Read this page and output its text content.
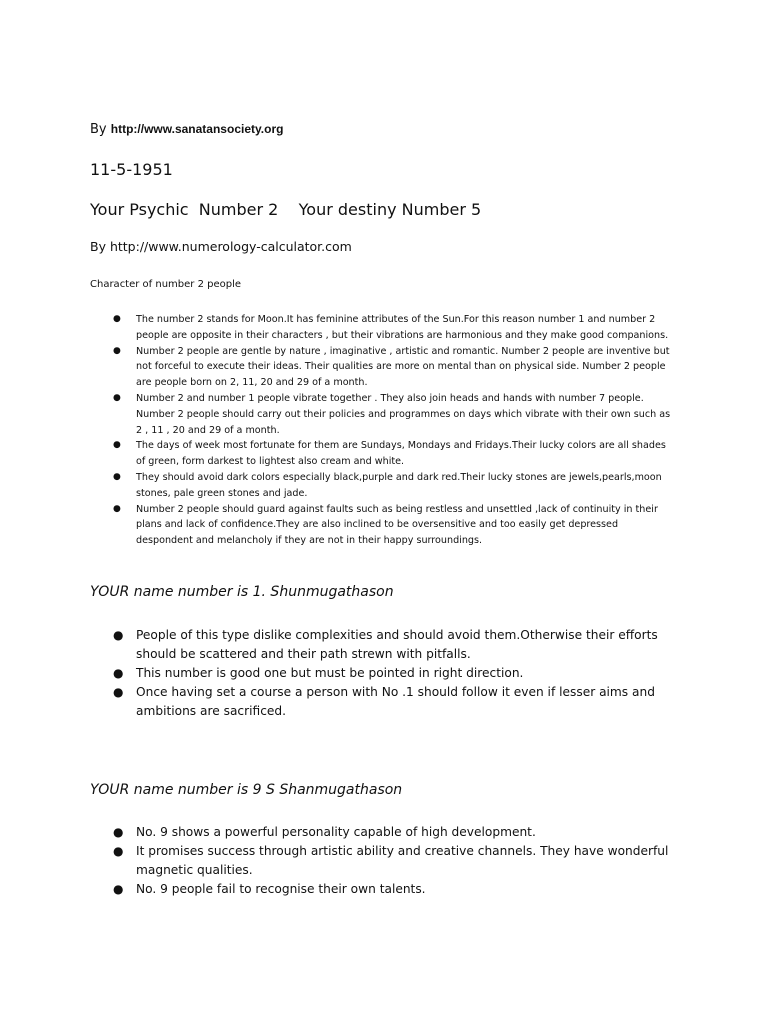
By http://www.sanatansociety.org
11-5-1951
Your Psychic  Number 2    Your destiny Number 5
By http://www.numerology-calculator.com
Character of number 2 people
● The number 2 stands for Moon.It has feminine attributes of the Sun.For this reason number 1 and number 2 people are opposite in their characters , but their vibrations are harmonious and they make good companions.
● Number 2 people are gentle by nature , imaginative , artistic and romantic. Number 2 people are inventive but not forceful to execute their ideas. Their qualities are more on mental than on physical side. Number 2 people are people born on 2, 11, 20 and 29 of a month.
● Number 2 and number 1 people vibrate together . They also join heads and hands with number 7 people. Number 2 people should carry out their policies and programmes on days which vibrate with their own such as 2 , 11 , 20 and 29 of a month.
● The days of week most fortunate for them are Sundays, Mondays and Fridays.Their lucky colors are all shades of green, form darkest to lightest also cream and white.
● They should avoid dark colors especially black,purple and dark red.Their lucky stones are jewels,pearls,moon stones, pale green stones and jade.
● Number 2 people should guard against faults such as being restless and unsettled ,lack of continuity in their plans and lack of confidence.They are also inclined to be oversensitive and too easily get depressed despondent and melancholy if they are not in their happy surroundings.
YOUR name number is 1. Shunmugathason
● People of this type dislike complexities and should avoid them.Otherwise their efforts should be scattered and their path strewn with pitfalls.
● This number is good one but must be pointed in right direction.
● Once having set a course a person with No .1 should follow it even if lesser aims and ambitions are sacrificed.
YOUR name number is 9 S Shanmugathason
● No. 9 shows a powerful personality capable of high development.
● It promises success through artistic ability and creative channels. They have wonderful magnetic qualities.
● No. 9 people fail to recognise their own talents.
